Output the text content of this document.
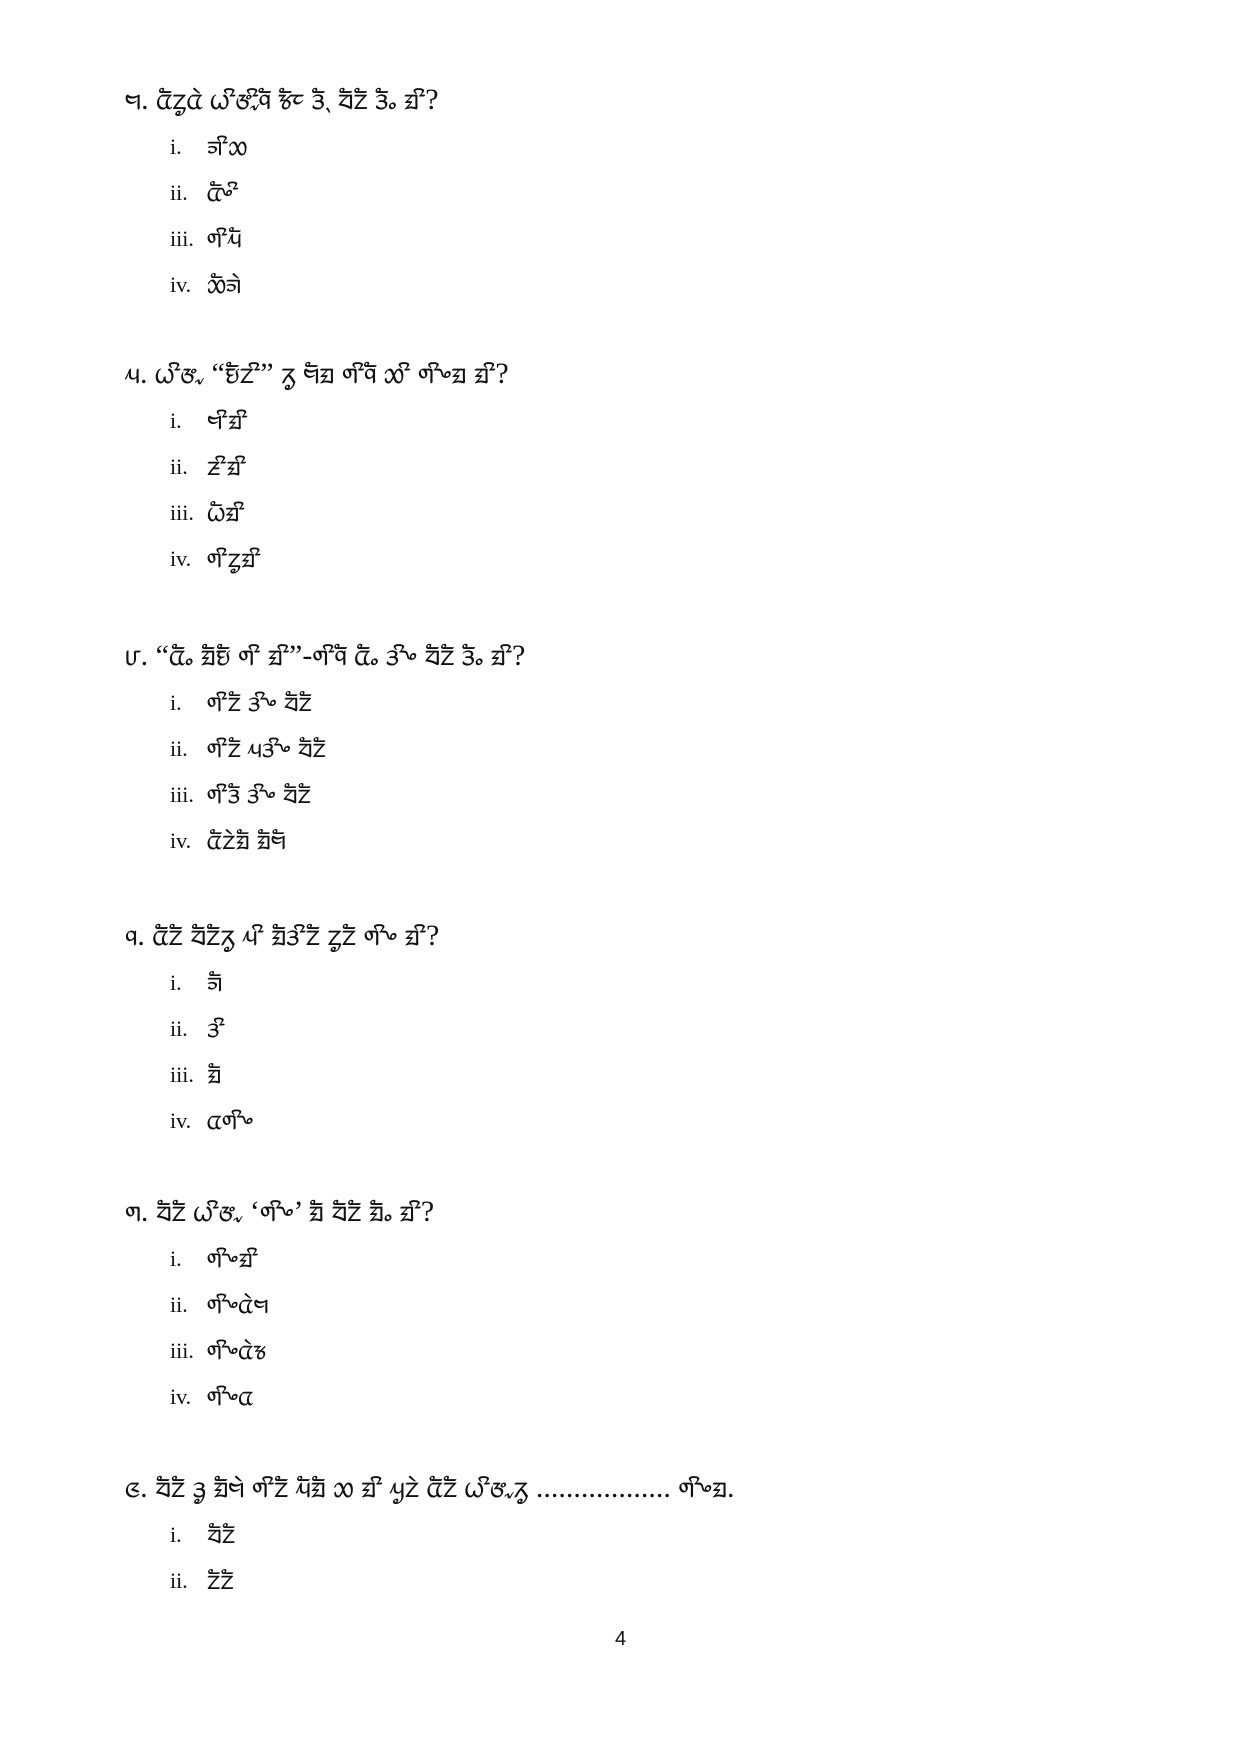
ᤗ. ᤂᤠᤁᤢᤂᤧ ᤐᤡᤅᤩᤡᤚᤠ ᤃᤠᤰ ᤋᤠᤷ ᤔᤠᤁᤠ ᤋᤠᤱ ᤀᤡ?
i. ᤈᤡᤑ
ii. ᤂᤠᤴᤡ
iii. ᤛᤡᤘᤠ
iv. ᤑᤠᤈᤧ
ᤘ. ᤐᤡᤅᤩ “ᤎᤠᤁᤡ” ᤖᤢ ᤗᤠᤀ ᤛᤡᤚᤠ ᤑᤡ ᤛᤡᤴᤀ ᤀᤡ?
i. ᤗᤡᤀᤡ
ii. ᤏᤡᤀᤡ
iii. ᤐᤠᤀᤡ
iv. ᤛᤡᤁᤢᤀᤡ
ᤙ. “ᤂᤠᤱ ᤀᤠᤎᤠ ᤛᤡ ᤀᤡ”-ᤛᤡᤚᤠ ᤂᤠᤱ ᤋᤡᤴ ᤔᤠᤁᤠ ᤋᤠᤱ ᤀᤡ?
i. ᤛᤡᤁᤠ ᤋᤡᤴ ᤔᤠᤁᤠ
ii. ᤛᤡᤁᤠ ᤘᤋᤡᤴ ᤔᤠᤁᤠ
iii. ᤛᤡᤋᤠ ᤋᤡᤴ ᤔᤠᤁᤠ
iv. ᤂᤠᤁᤧᤀᤠ ᤀᤠᤗᤠ
ᤚ. ᤂᤠᤁᤠ ᤔᤠᤁᤠᤖᤢ ᤘᤡ ᤀᤠᤋᤡᤁᤠ ᤁᤢᤁᤠ ᤛᤡᤴ ᤀᤡ?
i. ᤈᤠ
ii. ᤋᤡ
iii. ᤀᤠ
iv. ᤂᤛᤡᤴ
ᤛ. ᤔᤠᤁᤠ ᤐᤡᤅᤩ ‘ᤛᤡᤴ’ ᤀᤠ ᤔᤠᤁᤠ ᤀᤠᤱ ᤀᤡ?
i. ᤛᤡᤴᤀᤡ
ii. ᤛᤡᤴᤂᤧᤗ
iii. ᤛᤡᤴᤂᤧᤃ
iv. ᤛᤡᤴᤂ
ᤜ. ᤔᤠᤁᤠ ᤋᤢ ᤀᤠᤗᤧ ᤛᤡᤁᤠ ᤘᤠᤀᤠ ᤑ ᤀᤡ ᤘᤢᤁᤧ ᤂᤠᤁᤠ ᤐᤡᤅᤩᤖᤢ .................. ᤛᤡᤴᤀ.
i. ᤔᤠᤁᤠ
ii. ᤁᤠᤁᤠ
4
